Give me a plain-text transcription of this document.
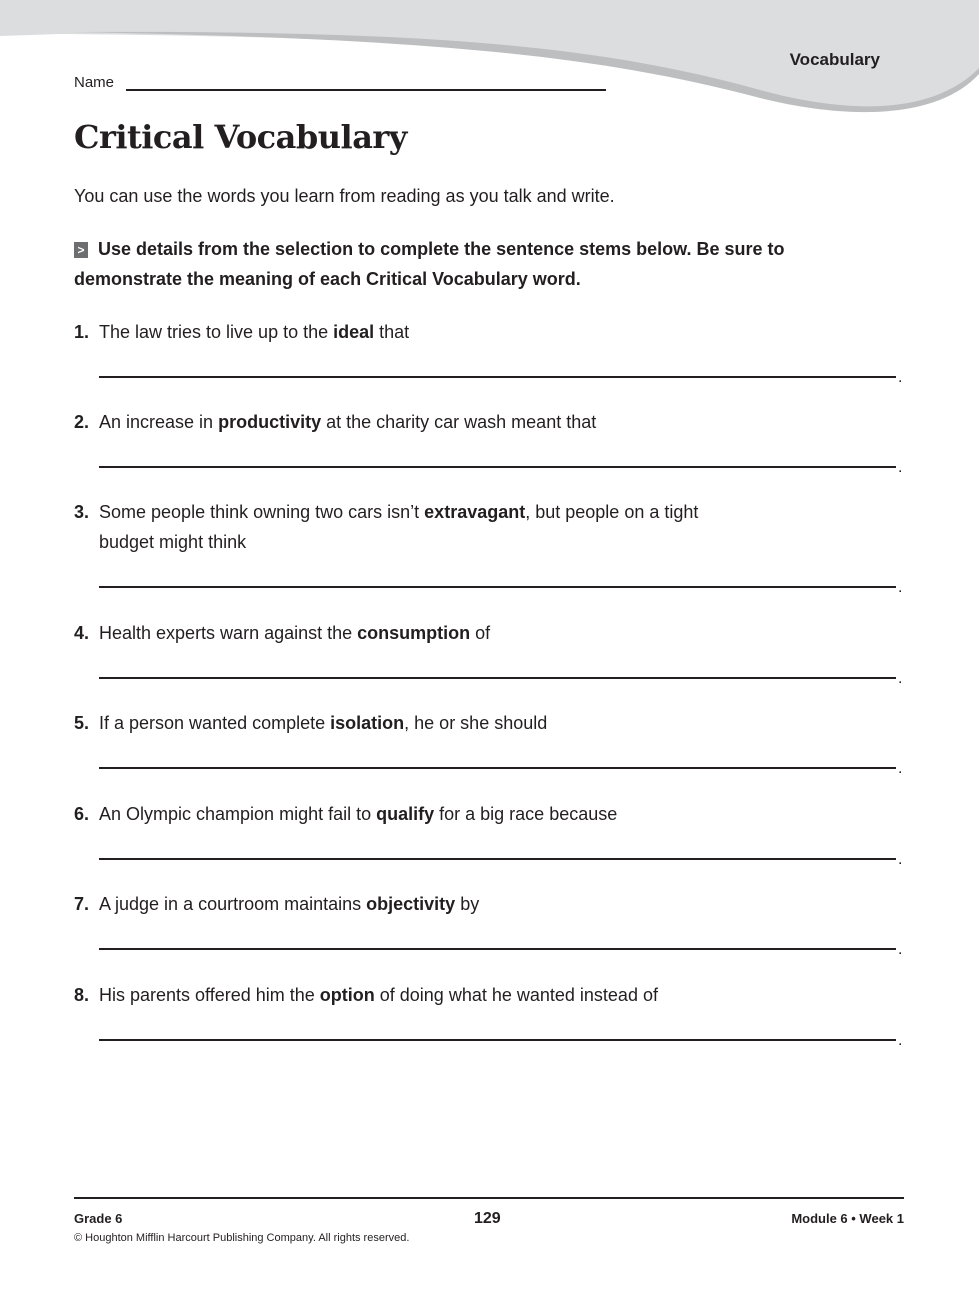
Vocabulary
Name
Critical Vocabulary
You can use the words you learn from reading as you talk and write.
> Use details from the selection to complete the sentence stems below. Be sure to demonstrate the meaning of each Critical Vocabulary word.
1. The law tries to live up to the ideal that
.
2. An increase in productivity at the charity car wash meant that
.
3. Some people think owning two cars isn’t extravagant, but people on a tight budget might think
.
4. Health experts warn against the consumption of
.
5. If a person wanted complete isolation, he or she should
.
6. An Olympic champion might fail to qualify for a big race because
.
7. A judge in a courtroom maintains objectivity by
.
8. His parents offered him the option of doing what he wanted instead of
.
Grade 6	129	Module 6 • Week 1
© Houghton Mifflin Harcourt Publishing Company. All rights reserved.
